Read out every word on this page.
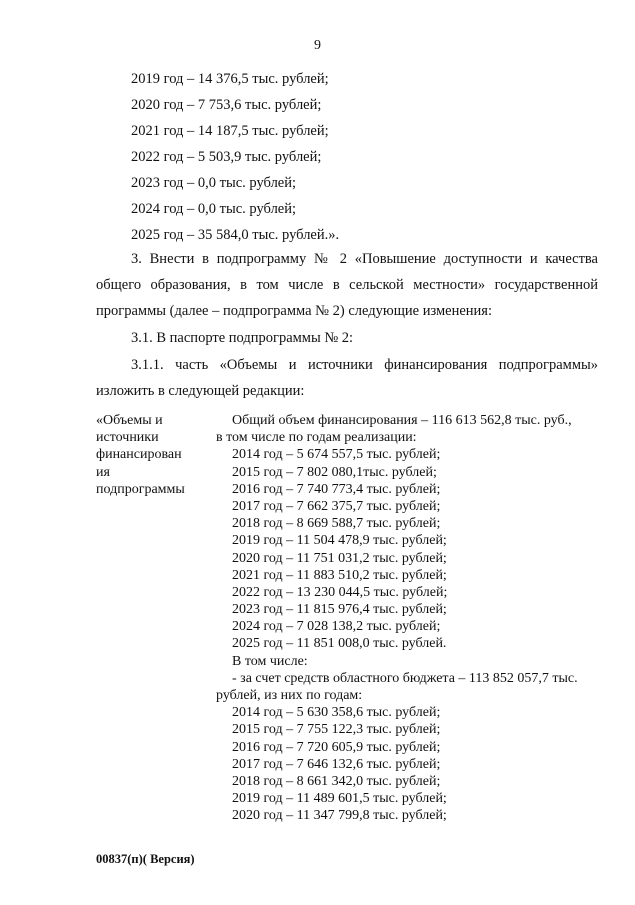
9
2019 год – 14 376,5 тыс. рублей;
2020 год – 7 753,6 тыс. рублей;
2021 год – 14 187,5 тыс. рублей;
2022 год – 5 503,9 тыс. рублей;
2023 год – 0,0 тыс. рублей;
2024 год – 0,0 тыс. рублей;
2025 год – 35 584,0 тыс. рублей.».
3. Внести в подпрограмму № 2 «Повышение доступности и качества
общего образования, в том числе в сельской местности» государственной
программы (далее – подпрограмма № 2) следующие изменения:
3.1. В паспорте подпрограммы № 2:
3.1.1. часть «Объемы и источники финансирования подпрограммы»
изложить в следующей редакции:
«Объемы и
источники
финансирован
ия
подпрограммы
Общий объем финансирования – 116 613 562,8 тыс. руб.,
в том числе по годам реализации:
2014 год – 5 674 557,5 тыс. рублей;
2015 год – 7 802 080,1тыс. рублей;
2016 год – 7 740 773,4 тыс. рублей;
2017 год – 7 662 375,7 тыс. рублей;
2018 год – 8 669 588,7 тыс. рублей;
2019 год – 11 504 478,9 тыс. рублей;
2020 год – 11 751 031,2 тыс. рублей;
2021 год – 11 883 510,2 тыс. рублей;
2022 год – 13 230 044,5 тыс. рублей;
2023 год – 11 815 976,4 тыс. рублей;
2024 год – 7 028 138,2 тыс. рублей;
2025 год – 11 851 008,0 тыс. рублей.
В том числе:
- за счет средств областного бюджета – 113 852 057,7 тыс.
рублей, из них по годам:
2014 год – 5 630 358,6 тыс. рублей;
2015 год – 7 755 122,3 тыс. рублей;
2016 год – 7 720 605,9 тыс. рублей;
2017 год – 7 646 132,6 тыс. рублей;
2018 год – 8 661 342,0 тыс. рублей;
2019 год – 11 489 601,5 тыс. рублей;
2020 год – 11 347 799,8 тыс. рублей;
00837(п)( Версия)
